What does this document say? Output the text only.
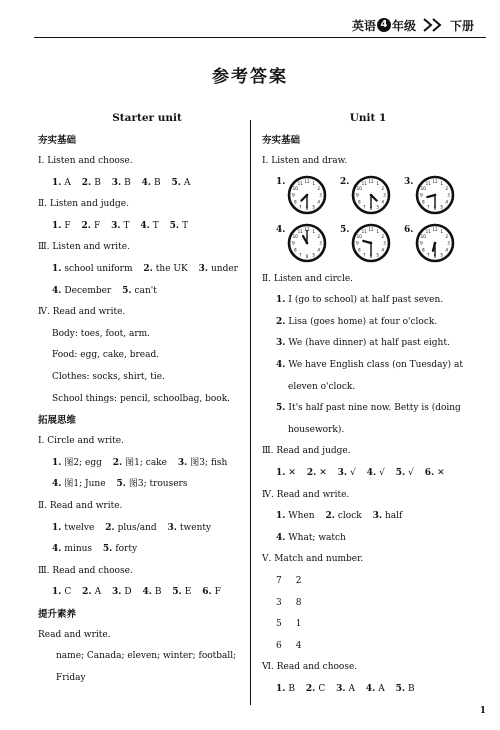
英语 4 年级	下册
参考答案
Starter unit
夯实基础
Ⅰ. Listen and choose.
1. A 2. B 3. B 4. B 5. A
Ⅱ. Listen and judge.
1. F 2. F 3. T 4. T 5. T
Ⅲ. Listen and write.
1. school uniform 2. the UK 3. under
4. December 5. can't
Ⅳ. Read and write.
Body: toes, foot, arm.
Food: egg, cake, bread.
Clothes: socks, shirt, tie.
School things: pencil, schoolbag, book.
拓展思维
Ⅰ. Circle and write.
1. 图2; egg 2. 图1; cake 3. 图3; fish
4. 图1; June 5. 图3; trousers
Ⅱ. Read and write.
1. twelve 2. plus/and 3. twenty
4. minus 5. forty
Ⅲ. Read and choose.
1. C 2. A 3. D 4. B 5. E 6. F
提升素养
Read and write.
name; Canada; eleven; winter; football;
Friday
Unit 1
夯实基础
Ⅰ. Listen and draw.
1.	1
2
3
4
5
6
7
8
9
10
11 12	2.	1
2
3
4
5
6
7
8
9
10
11 12	3.	1
2
3
4
5
6
7
8
9
10
11 12
4.	1
2
3
4
5
6
7
8
9
10
11 12	5.	1
2
3
4
5
6
7
8
9
10
11 12	6.	1
2
3
4
5
6
7
8
9
10
11 12
Ⅱ. Listen and circle.
1. I (go to school) at half past seven.
2. Lisa (goes home) at four o'clock.
3. We (have dinner) at half past eight.
4. We have English class (on Tuesday) at
eleven o'clock.
5. It's half past nine now. Betty is (doing
housework).
Ⅲ. Read and judge.
1. ✕ 2. ✕ 3. √ 4. √ 5. √ 6. ✕
Ⅳ. Read and write.
1. When 2. clock 3. half
4. What; watch
Ⅴ. Match and number.
7 2
3 8
5 1
6 4
Ⅵ. Read and choose.
1. B 2. C 3. A 4. A 5. B
1
